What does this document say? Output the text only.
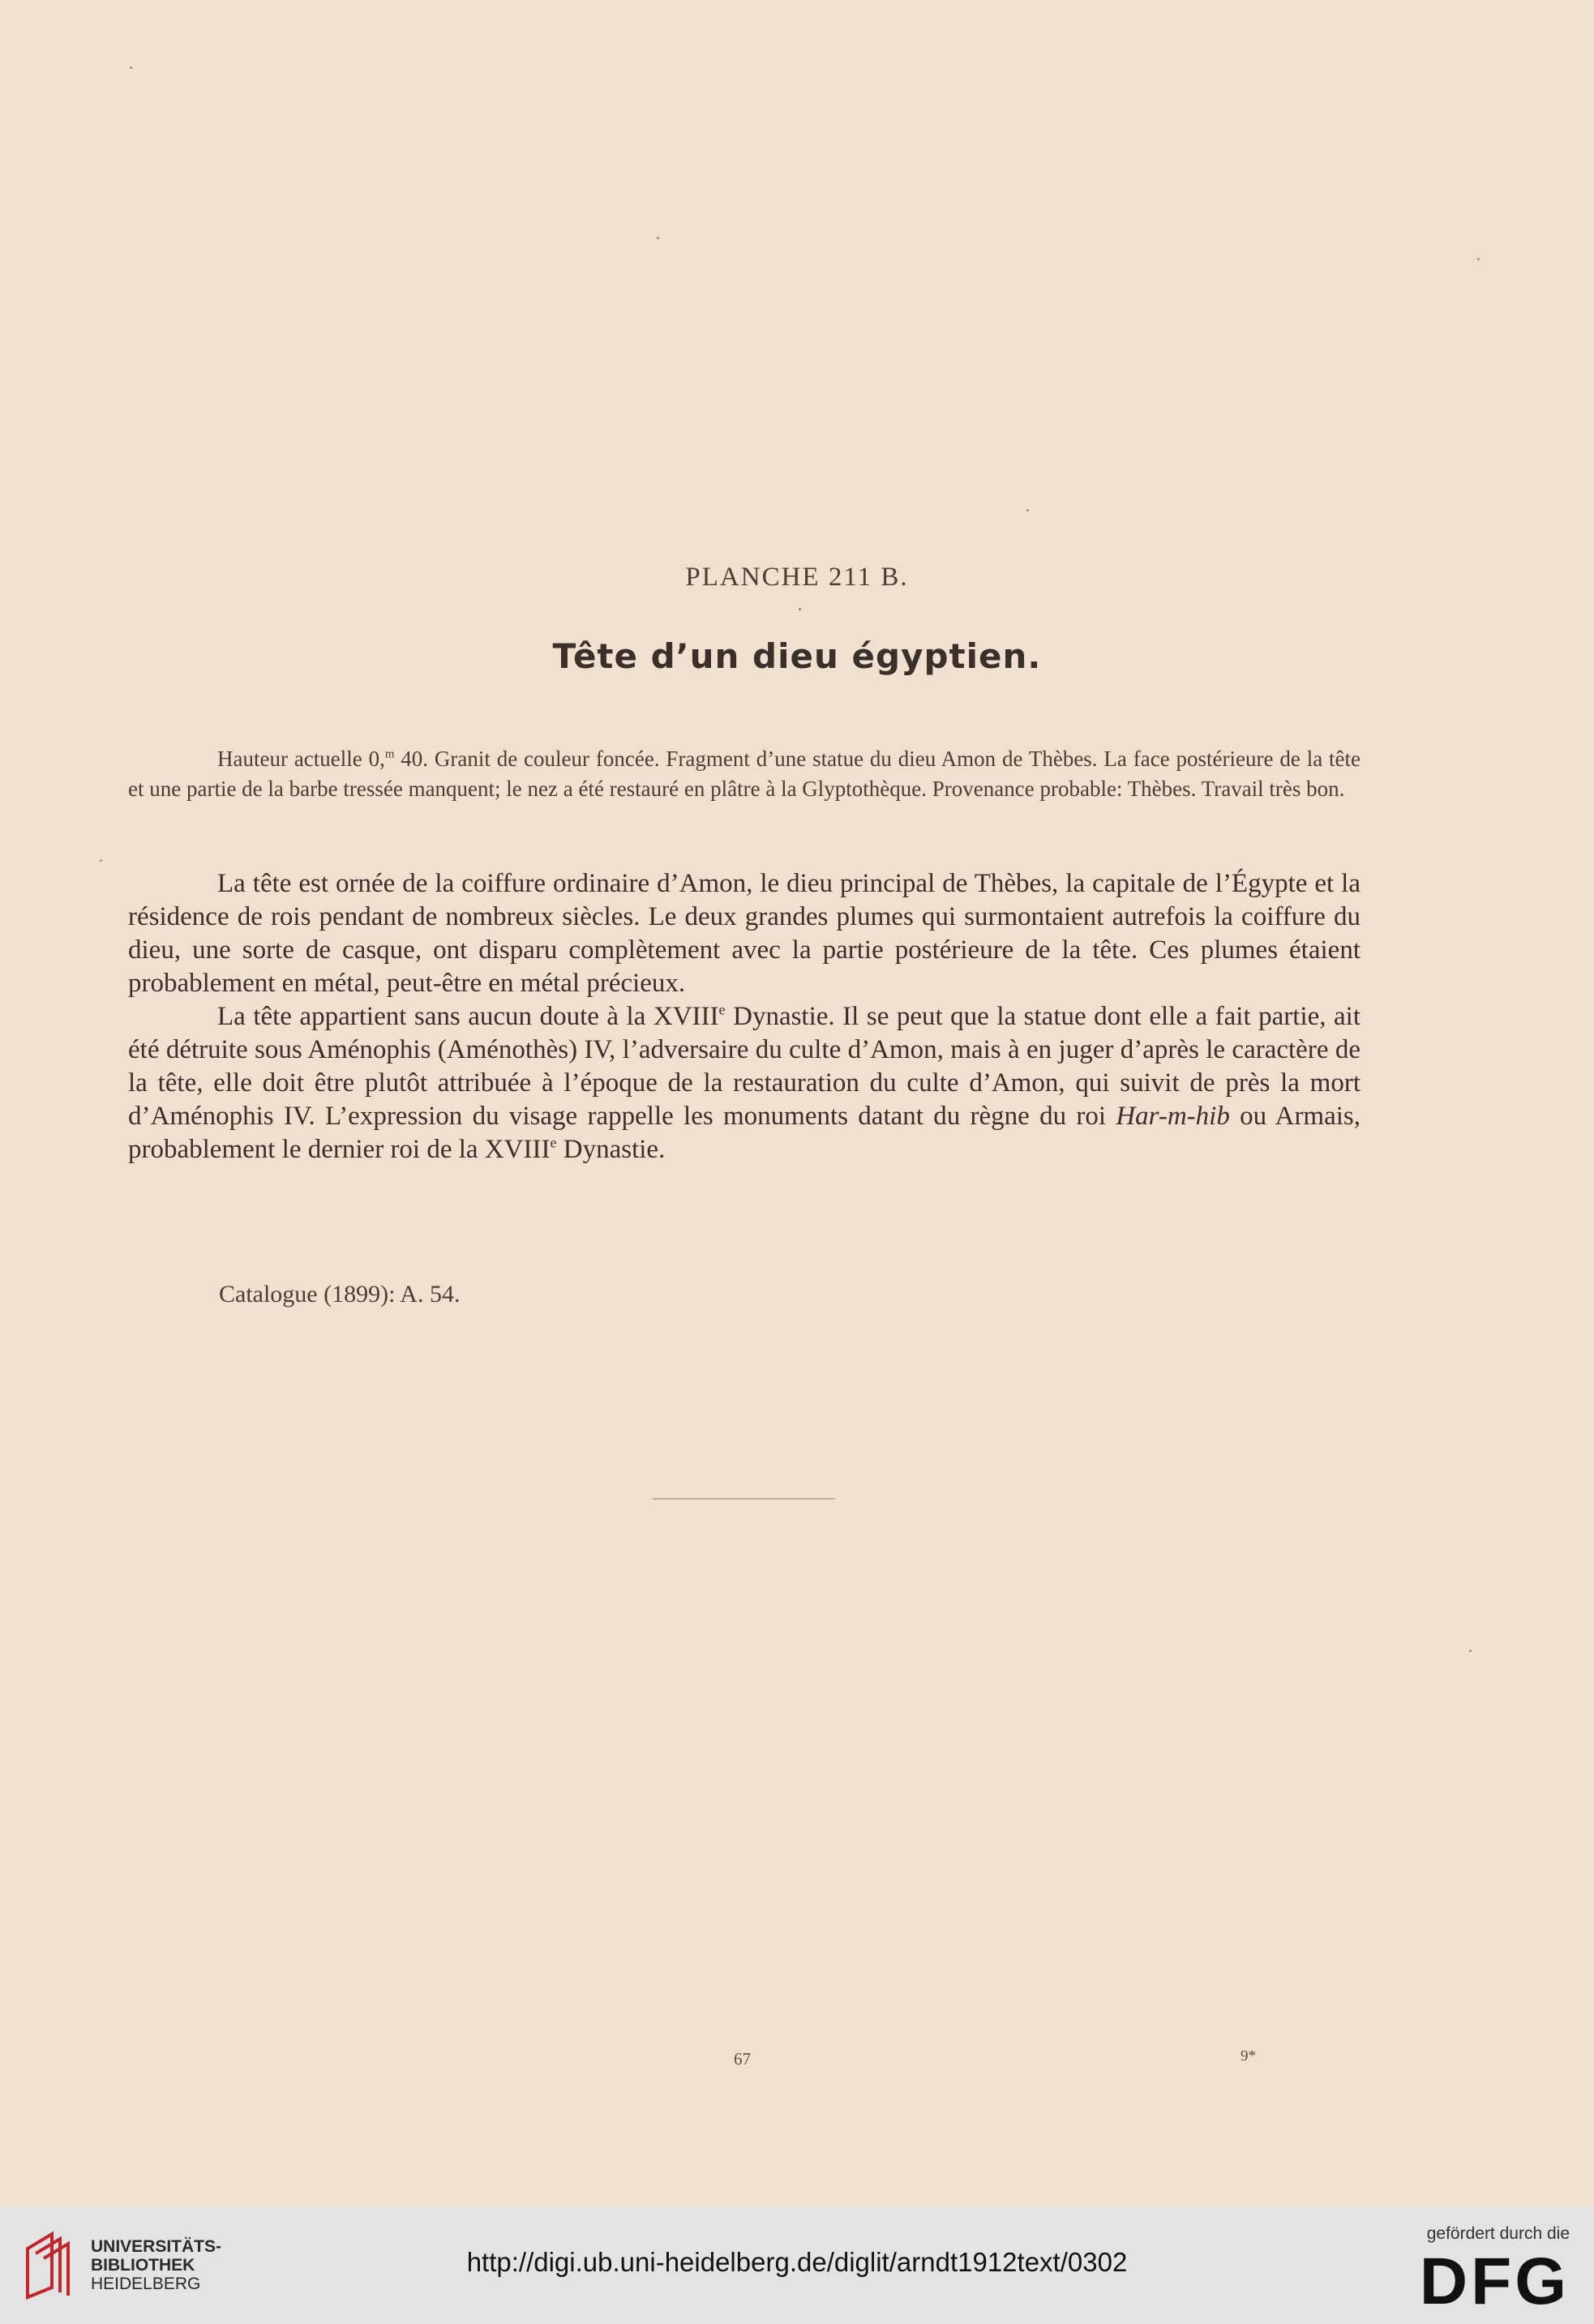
PLANCHE 211 B.
Tête d’un dieu égyptien.
Hauteur actuelle 0,$^m$ 40. Granit de couleur foncée. Fragment d’une statue du dieu Amon de Thèbes. La face postérieure de la tête et une partie de la barbe tressée manquent; le nez a été restauré en plâtre à la Glyptothèque. Provenance probable: Thèbes. Travail très bon.

La tête est ornée de la coiffure ordinaire d’Amon, le dieu principal de Thèbes, la capitale de l’Égypte et la résidence de rois pendant de nombreux siècles. Le deux grandes plumes qui surmontaient autrefois la coiffure du dieu, une sorte de casque, ont disparu complètement avec la partie postérieure de la tête. Ces plumes étaient probablement en métal, peut-être en métal précieux.

La tête appartient sans aucun doute à la XVIIIe Dynastie. Il se peut que la statue dont elle a fait partie, ait été détruite sous Aménophis (Aménothès) IV, l’adversaire du culte d’Amon, mais à en juger d’après le caractère de la tête, elle doit être plutôt attribuée à l’époque de la restauration du culte d’Amon, qui suivit de près la mort d’Aménophis IV. L’expression du visage rappelle les monuments datant du règne du roi Har-m-hib ou Armais, probablement le dernier roi de la XVIIIe Dynastie.

Catalogue (1899): A. 54.
67	9*
UNIVERSITÄTS-
BIBLIOTHEK
HEIDELBERG
http://digi.ub.uni-heidelberg.de/diglit/arndt1912text/0302
gefördert durch die
DFG
